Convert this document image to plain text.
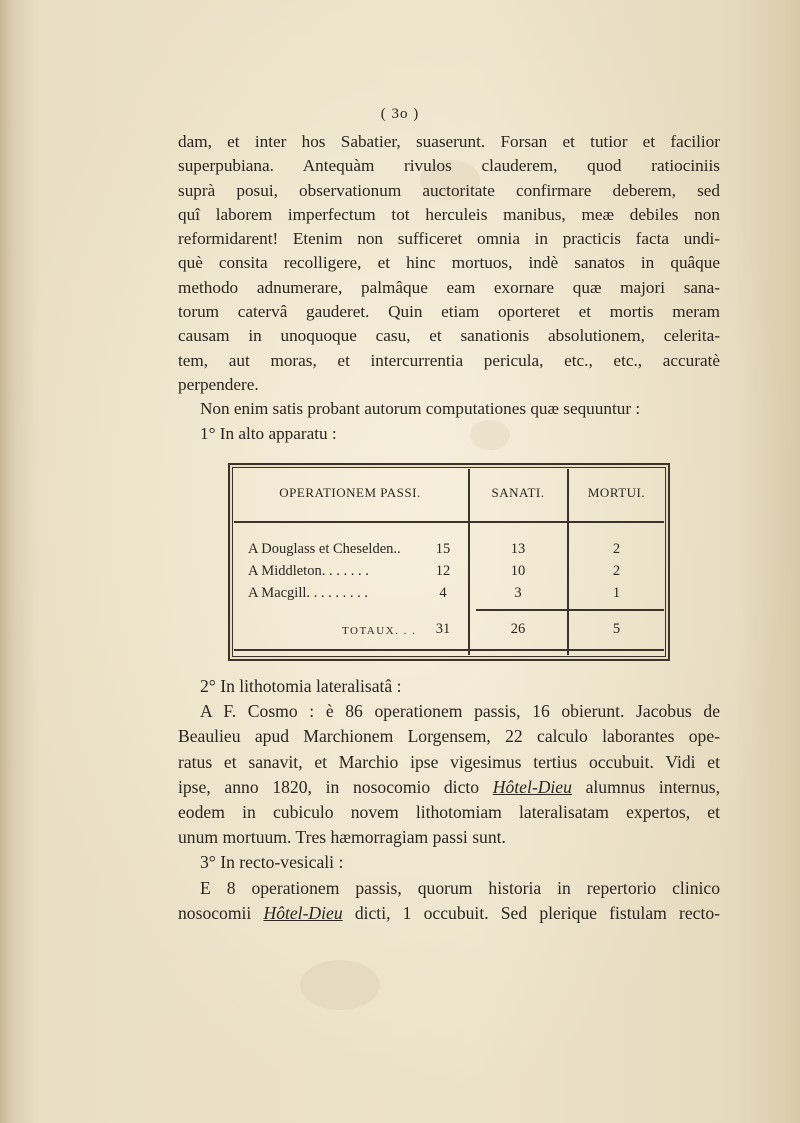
( 3o )
dam, et inter hos Sabatier, suaserunt. Forsan et tutior et facilior
superpubiana. Antequàm rivulos clauderem, quod ratiociniis
suprà posui, observationum auctoritate confirmare deberem, sed
quî laborem imperfectum tot herculeis manibus, meæ debiles non
reformidarent! Etenim non sufficeret omnia in practicis facta undi-
què consita recolligere, et hinc mortuos, indè sanatos in quâque
methodo adnumerare, palmâque eam exornare quæ majori sana-
torum catervâ gauderet. Quin etiam oporteret et mortis meram
causam in unoquoque casu, et sanationis absolutionem, celerita-
tem, aut moras, et intercurrentia pericula, etc., etc., accuratè
perpendere.
Non enim satis probant autorum computationes quæ sequuntur :
1° In alto apparatu :
OPERATIONEM PASSI.	SANATI.	MORTUI.
A Douglass et Cheselden..	15	13	2
A Middleton. . . . . . .	12	10	2
A Macgill. . . . . . . . .	4	3	1
TOTAUX. . .	31	26	5
2° In lithotomia lateralisatâ :
A F. Cosmo : è 86 operationem passis, 16 obierunt. Jacobus de
Beaulieu apud Marchionem Lorgensem, 22 calculo laborantes ope-
ratus et sanavit, et Marchio ipse vigesimus tertius occubuit. Vidi et
ipse, anno 1820, in nosocomio dicto Hôtel-Dieu alumnus internus,
eodem in cubiculo novem lithotomiam lateralisatam expertos, et
unum mortuum. Tres hæmorragiam passi sunt.
3° In recto-vesicali :
E 8 operationem passis, quorum historia in repertorio clinico
nosocomii Hôtel-Dieu dicti, 1 occubuit. Sed plerique fistulam recto-
